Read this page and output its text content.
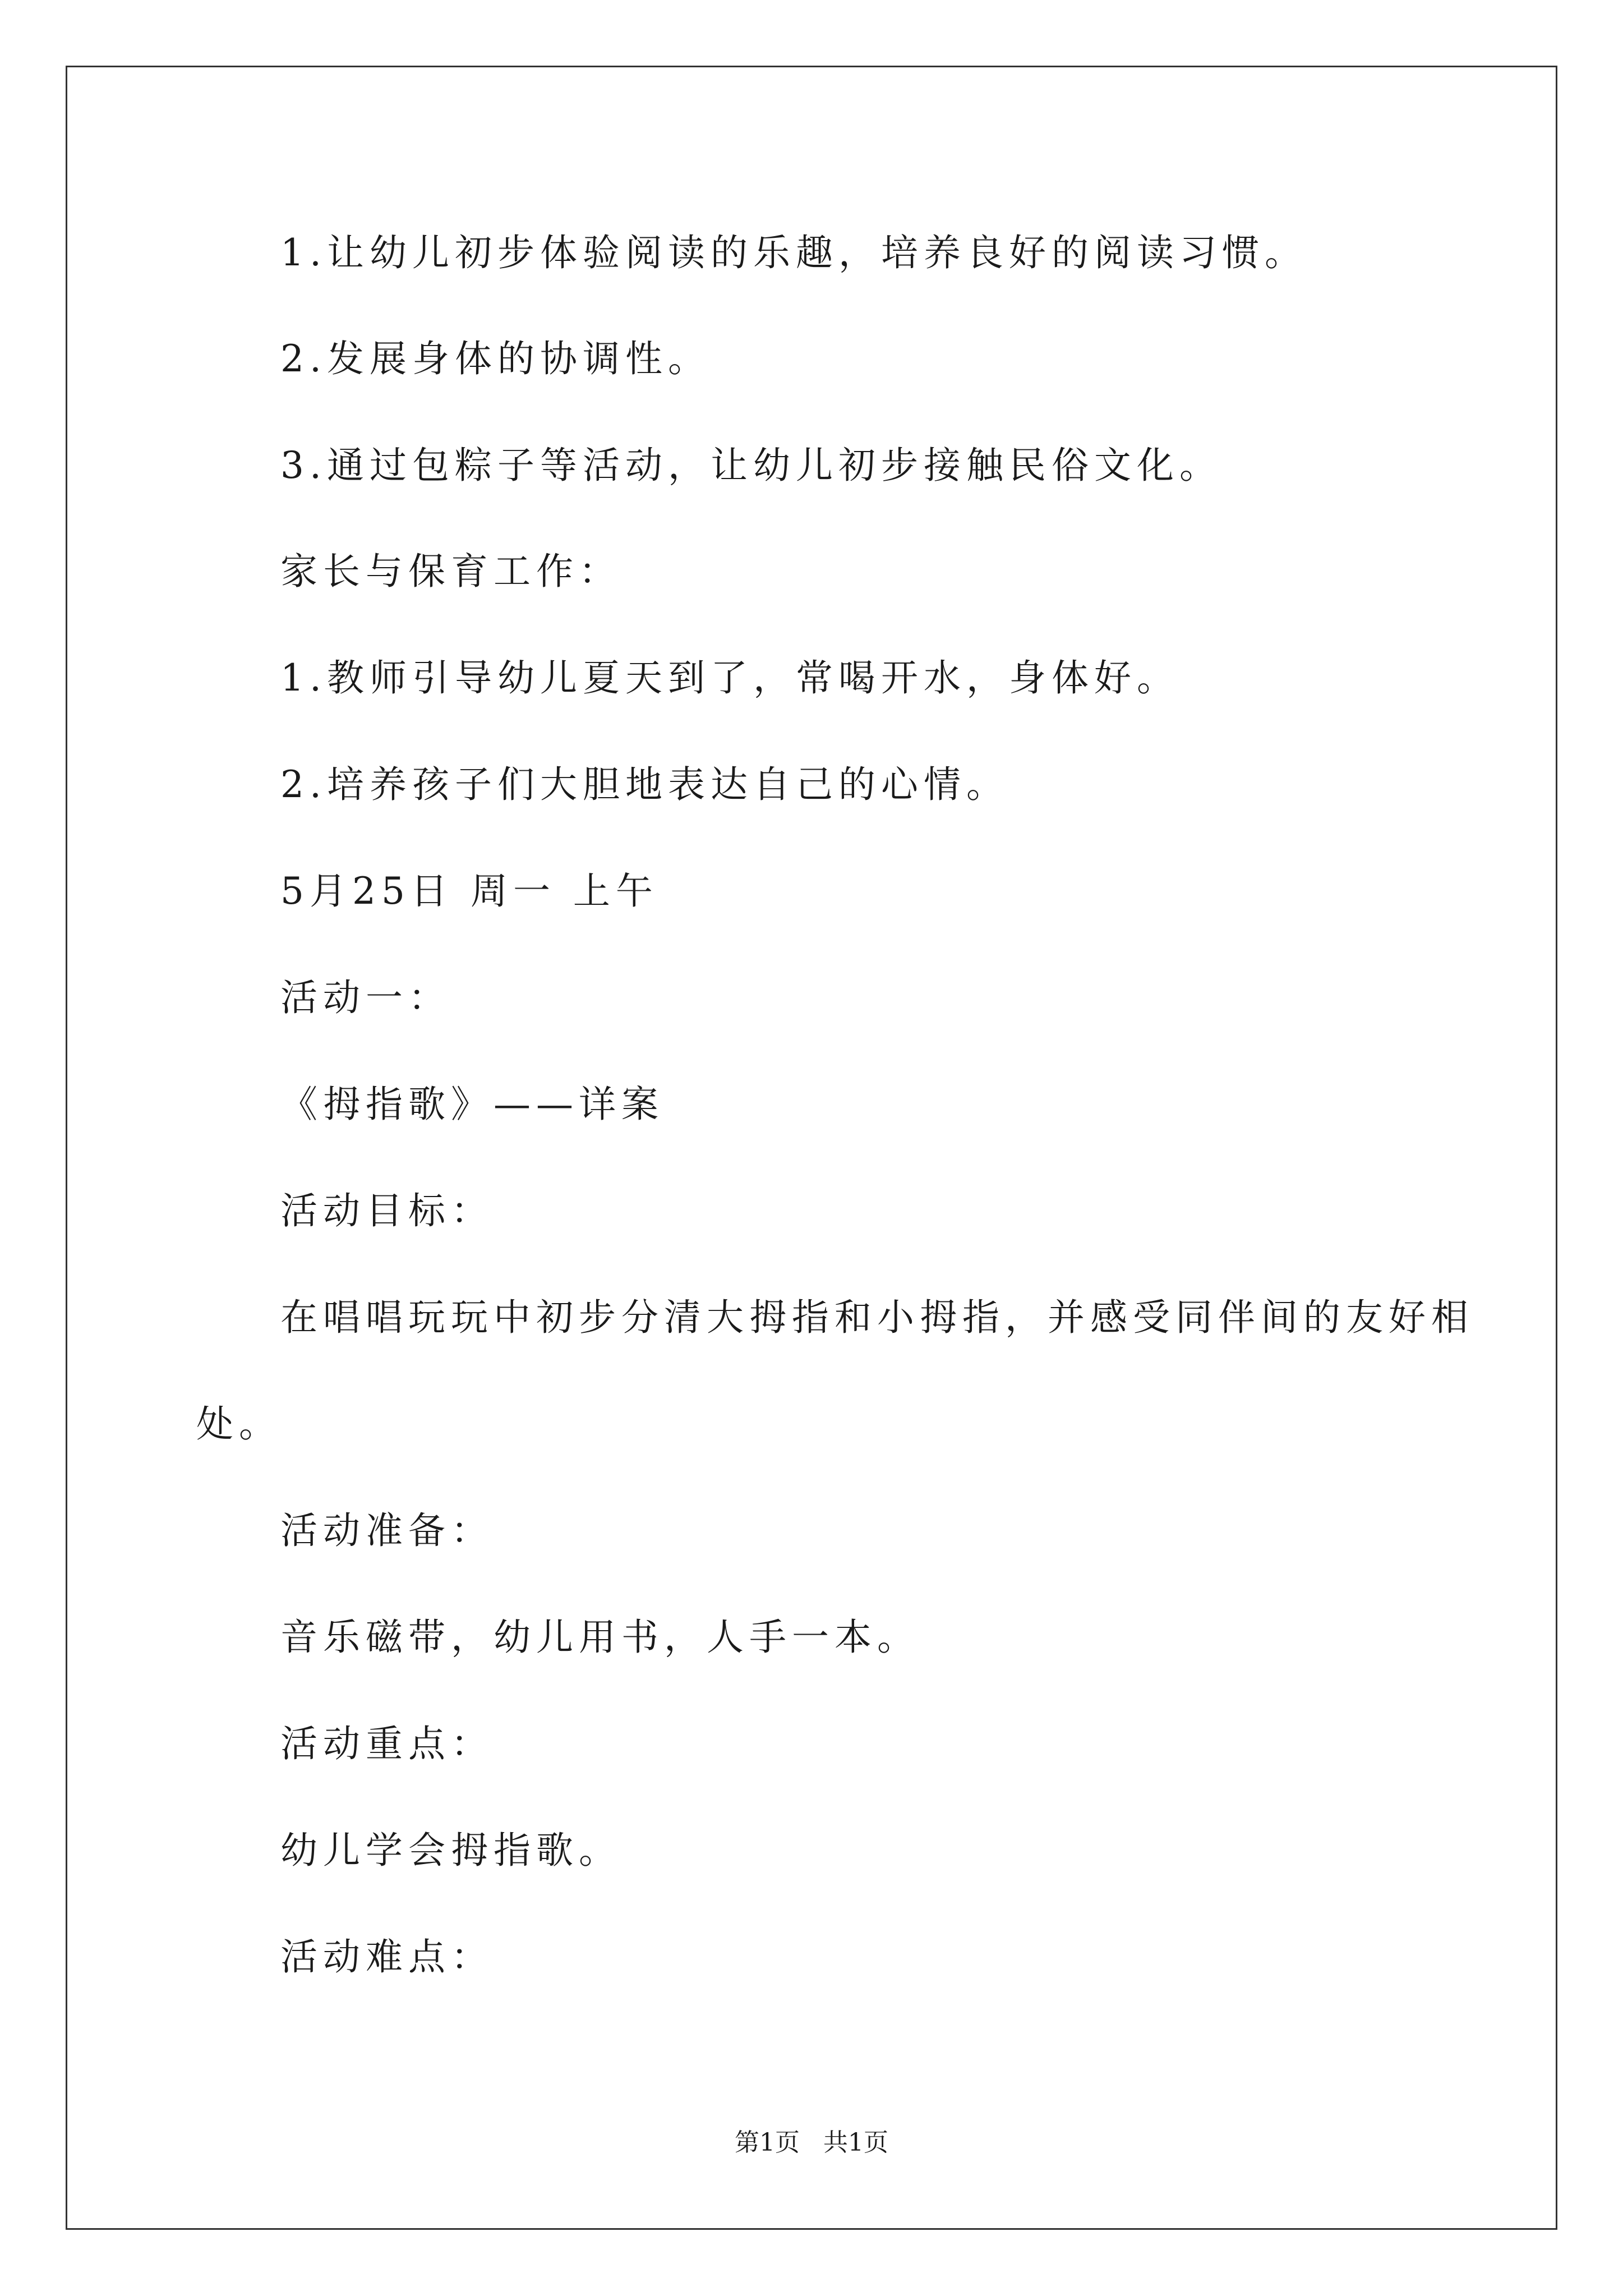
1.让幼儿初步体验阅读的乐趣，培养良好的阅读习惯。

2.发展身体的协调性。

3.通过包粽子等活动，让幼儿初步接触民俗文化。

家长与保育工作：

1.教师引导幼儿夏天到了，常喝开水，身体好。

2.培养孩子们大胆地表达自己的心情。

5月25日 周一 上午

活动一：

《拇指歌》——详案

活动目标：

在唱唱玩玩中初步分清大拇指和小拇指，并感受同伴间的友好相

处。

活动准备：

音乐磁带，幼儿用书，人手一本。

活动重点：

幼儿学会拇指歌。

活动难点：

第1页   共1页
